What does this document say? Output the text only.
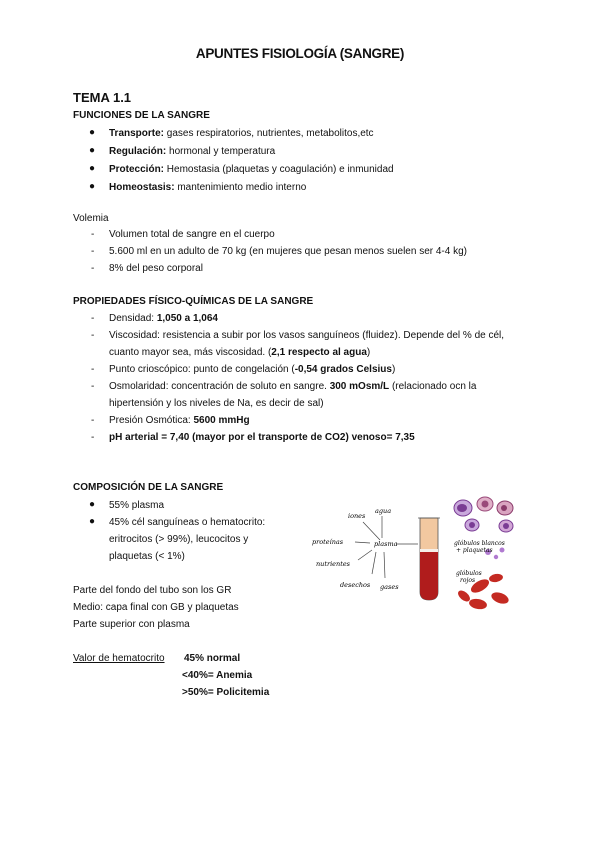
APUNTES FISIOLOGÍA (SANGRE)
TEMA 1.1
FUNCIONES DE LA SANGRE
● Transporte: gases respiratorios, nutrientes, metabolitos,etc
● Regulación: hormonal y temperatura
● Protección: Hemostasia (plaquetas y coagulación) e inmunidad
● Homeostasis: mantenimiento medio interno
Volemia
- Volumen total de sangre en el cuerpo
- 5.600 ml en un adulto de 70 kg (en mujeres que pesan menos suelen ser 4-4 kg)
- 8% del peso corporal
PROPIEDADES FÍSICO-QUÍMICAS DE LA SANGRE
- Densidad: 1,050 a 1,064
- Viscosidad: resistencia a subir por los vasos sanguíneos (fluidez). Depende del % de cél,
cuanto mayor sea, más viscosidad. (2,1 respecto al agua)
- Punto crioscópico: punto de congelación (-0,54 grados Celsius)
- Osmolaridad: concentración de soluto en sangre. 300 mOsm/L (relacionado ocn la
hipertensión y los niveles de Na, es decir de sal)
- Presión Osmótica: 5600 mmHg
- pH arterial = 7,40 (mayor por el transporte de CO2) venoso= 7,35
COMPOSICIÓN DE LA SANGRE
● 55% plasma
● 45% cél sanguíneas o hematocrito:
eritrocitos (> 99%), leucocitos y
plaquetas (< 1%)
Parte del fondo del tubo son los GR
Medio: capa final con GB y plaquetas
Parte superior con plasma
Valor de hematocrito 45% normal
<40%= Anemia
>50%= Policitemia
plasma
iones
agua
proteínas
nutrientes
desechos gases
glóbulos blancos
+ plaquetas
glóbulos
rojos
